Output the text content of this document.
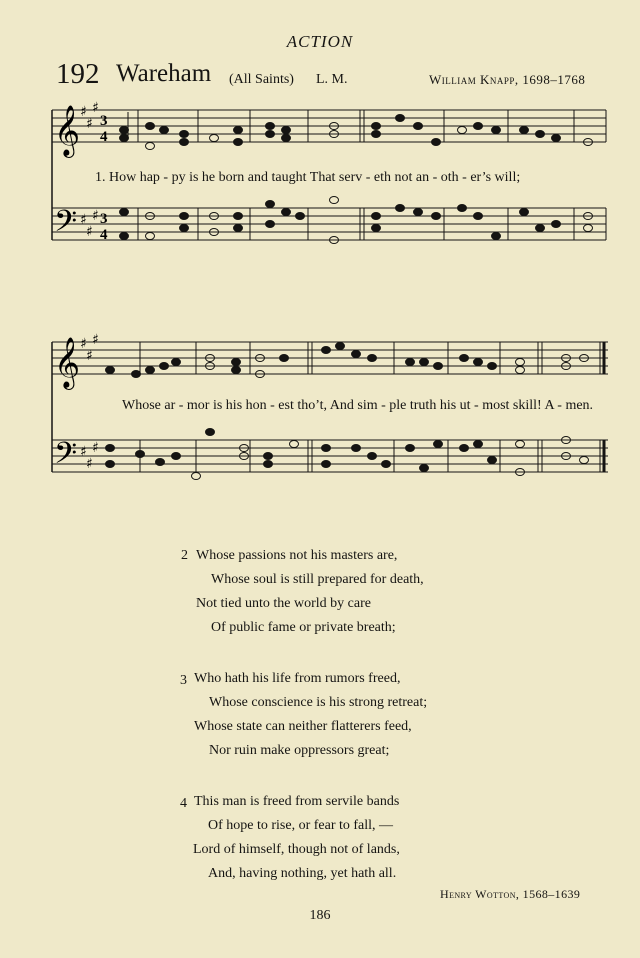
ACTION
192 Wareham (All Saints) L. M.	William Knapp, 1698–1768
𝄞
𝄢
♯
♯
♯
♯
♯
♯
3
4
3
4
1. How hap - py is he born and taught That serv - eth not an - oth - er’s will;
𝄞
𝄢
♯
♯
♯
♯
♯
♯
Whose ar - mor is his hon - est tho’t, And sim - ple truth his ut - most skill! A - men.
2 Whose passions not his masters are,
Whose soul is still prepared for death,
Not tied unto the world by care
Of public fame or private breath;
3 Who hath his life from rumors freed,
Whose conscience is his strong retreat;
Whose state can neither flatterers feed,
Nor ruin make oppressors great;
4 This man is freed from servile bands
Of hope to rise, or fear to fall, —
Lord of himself, though not of lands,
And, having nothing, yet hath all.
Henry Wotton, 1568–1639
186
